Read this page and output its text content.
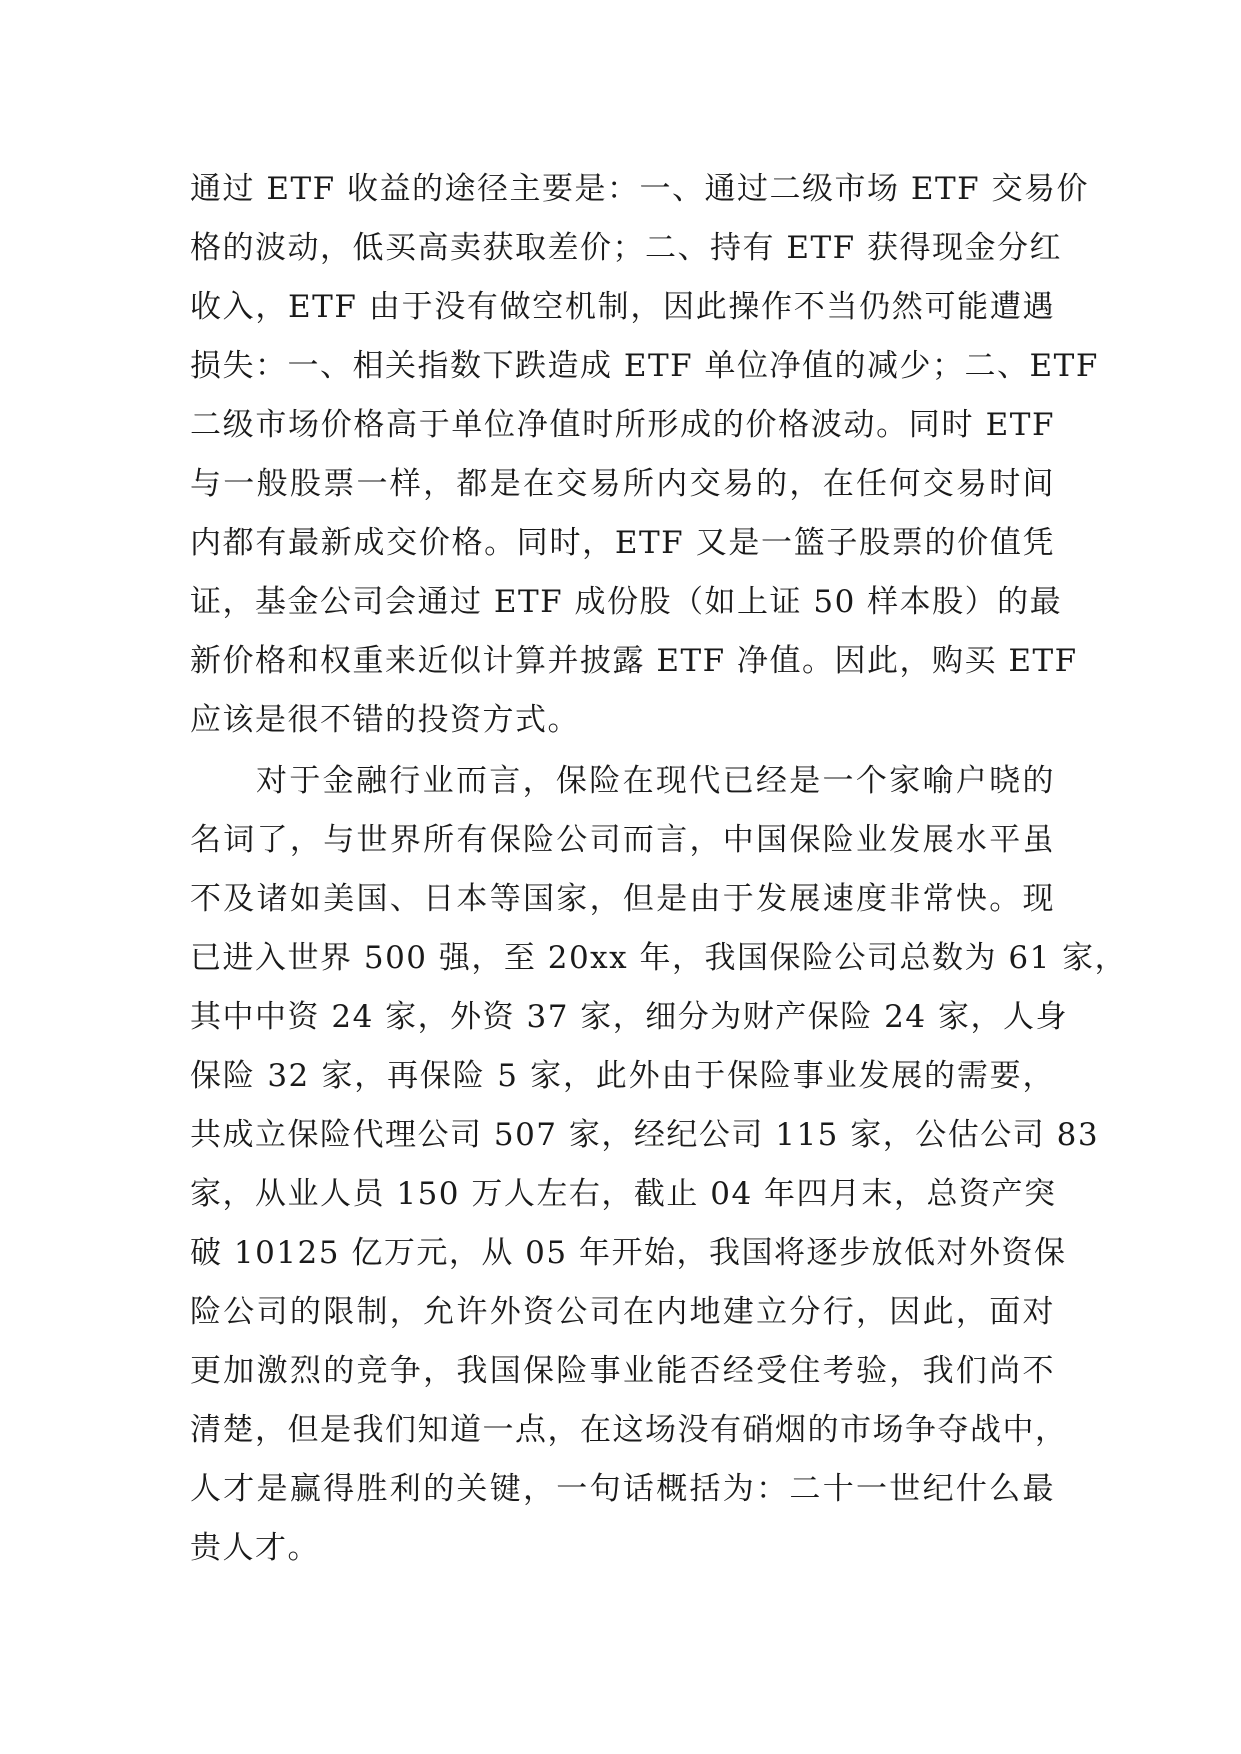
通过 ETF 收益的途径主要是：一、通过二级市场 ETF 交易价
格的波动，低买高卖获取差价；二、持有 ETF 获得现金分红
收入，ETF 由于没有做空机制，因此操作不当仍然可能遭遇
损失：一、相关指数下跌造成 ETF 单位净值的减少；二、ETF
二级市场价格高于单位净值时所形成的价格波动。同时 ETF
与一般股票一样，都是在交易所内交易的，在任何交易时间
内都有最新成交价格。同时，ETF 又是一篮子股票的价值凭
证，基金公司会通过 ETF 成份股（如上证 50 样本股）的最
新价格和权重来近似计算并披露 ETF 净值。因此，购买 ETF
应该是很不错的投资方式。
对于金融行业而言，保险在现代已经是一个家喻户晓的
名词了，与世界所有保险公司而言，中国保险业发展水平虽
不及诸如美国、日本等国家，但是由于发展速度非常快。现
已进入世界 500 强，至 20xx 年，我国保险公司总数为 61 家，
其中中资 24 家，外资 37 家，细分为财产保险 24 家，人身
保险 32 家，再保险 5 家，此外由于保险事业发展的需要，
共成立保险代理公司 507 家，经纪公司 115 家，公估公司 83
家，从业人员 150 万人左右，截止 04 年四月末，总资产突
破 10125 亿万元，从 05 年开始，我国将逐步放低对外资保
险公司的限制，允许外资公司在内地建立分行，因此，面对
更加激烈的竞争，我国保险事业能否经受住考验，我们尚不
清楚，但是我们知道一点，在这场没有硝烟的市场争夺战中，
人才是赢得胜利的关键，一句话概括为：二十一世纪什么最
贵人才。
